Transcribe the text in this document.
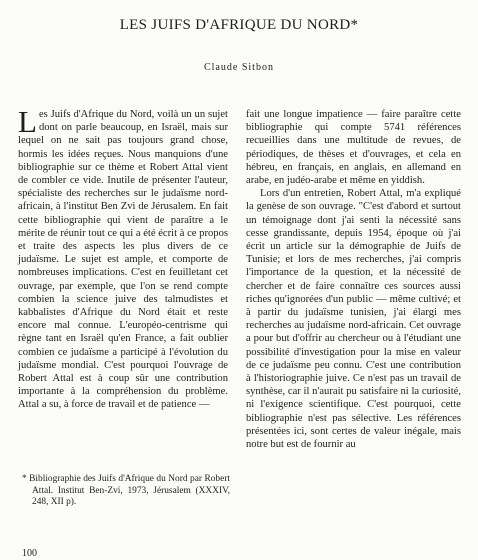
LES JUIFS D'AFRIQUE DU NORD*
Claude Sitbon

Les Juifs d'Afrique du Nord, voilà un un sujet dont on parle beaucoup, en Israël, mais sur lequel on ne sait pas toujours grand chose, hormis les idées reçues. Nous manquions d'une bibliographie sur ce thème et Robert Attal vient de combler ce vide. Inutile de présenter l'auteur, spécialiste des recherches sur le judaïsme nord-africain, à l'institut Ben Zvi de Jérusalem. En fait cette bibliographie qui vient de paraître a le mérite de réunir tout ce qui a été écrit à ce propos et traite des aspects les plus divers de ce judaïsme. Le sujet est ample, et comporte de nombreuses implications. C'est en feuilletant cet ouvrage, par exemple, que l'on se rend compte combien la science juive des talmudistes et kabbalistes d'Afrique du Nord était et reste encore mal connue. L'européo-centrisme qui règne tant en Israël qu'en France, a fait oublier combien ce judaïsme a participé à l'évolution du judaïsme mondial. C'est pourquoi l'ouvrage de Robert Attal est à coup sûr une contribution importante à la compréhension du problème. Attal a su, à force de travail et de patience —

fait une longue impatience — faire paraître cette bibliographie qui compte 5741 références recueillies dans une multitude de revues, de périodiques, de thèses et d'ouvrages, et cela en hébreu, en français, en anglais, en allemand en arabe, en judéo-arabe et même en yiddish.

Lors d'un entretien, Robert Attal, m'a expliqué la genèse de son ouvrage. "C'est d'abord et surtout un témoignage dont j'ai senti la nécessité sans cesse grandissante, depuis 1954, époque où j'ai écrit un article sur la démographie de Juifs de Tunisie; et lors de mes recherches, j'ai compris l'importance de la question, et la nécessité de chercher et de faire connaître ces sources aussi riches qu'ignorées d'un public — même cultivé; et à partir du judaïsme tunisien, j'ai élargi mes recherches au judaïsme nord-africain. Cet ouvrage a pour but d'offrir au chercheur ou à l'étudiant une possibilité d'investigation pour la mise en valeur de ce judaïsme peu connu. C'est une contribution à l'historiographie juive. Ce n'est pas un travail de synthèse, car il n'aurait pu satisfaire ni la curiosité, ni l'exigence scientifique. C'est pourquoi, cette bibliographie n'est pas sélective. Les références présentées ici, sont certes de valeur inégale, mais notre but est de fournir au

* Bibliographie des Juifs d'Afrique du Nord par Robert Attal. Institut Ben-Zvi, 1973, Jérusalem (XXXIV, 248, XII p).
100
